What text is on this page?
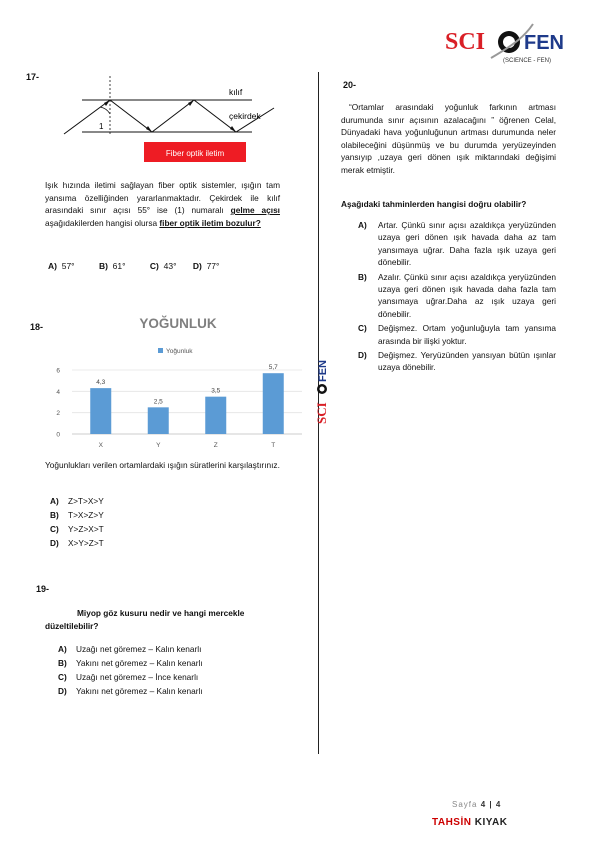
SCI FEN
(SCIENCE - FEN)
17-
1
kılıf
çekirdek
Fiber optik iletim
Işık hızında iletimi sağlayan fiber optik sistemler, ışığın tam yansıma özelliğinden yararlanmaktadır. Çekirdek ile kılıf arasındaki sınır açısı 55° ise (1) numaralı gelme açısı aşağıdakilerden hangisi olursa fiber optik iletim bozulur?
A) 57°	B) 61°	C) 43° D) 77°
18-	YOĞUNLUK
Yoğunluk
0
2
4
6
4,3
X
2,5
Y
3,5
Z
5,7
T
Yoğunlukları verilen ortamlardaki ışığın süratlerini karşılaştırınız.
A) Z>T>X>Y
B) T>X>Z>Y
C) Y>Z>X>T
D) X>Y>Z>T
SCI
FEN
19-
Miyop göz kusuru nedir ve hangi mercekle düzeltilebilir?
A) Uzağı net göremez – Kalın kenarlı
B) Yakını net göremez – Kalın kenarlı
C) Uzağı net göremez – İnce kenarlı
D) Yakını net göremez – Kalın kenarlı
20-
“Ortamlar arasındaki yoğunluk farkının artması durumunda sınır açısının azalacağını ” öğrenen Celal, Dünyadaki hava yoğunluğunun artması durumunda neler olabileceğini düşünmüş ve bu durumda yeryüzeyinden yansıyıp ,uzaya geri dönen ışık miktarındaki değişimi merak etmiştir.
Aşağıdaki tahminlerden hangisi doğru olabilir?
A)	Artar. Çünkü sınır açısı azaldıkça yeryüzünden uzaya geri dönen ışık havada daha az tam yansımaya uğrar. Daha fazla ışık uzaya geri dönebilir.
B)	Azalır. Çünkü sınır açısı azaldıkça yeryüzünden uzaya geri dönen ışık havada daha fazla tam yansımaya uğrar.Daha az ışık uzaya geri dönebilir.
C)	Değişmez. Ortam yoğunluğuyla tam yansıma arasında bir ilişki yoktur.
D)	Değişmez. Yeryüzünden yansıyan bütün ışınlar uzaya dönebilir.
Sayfa 4 | 4
TAHSİN KIYAK
